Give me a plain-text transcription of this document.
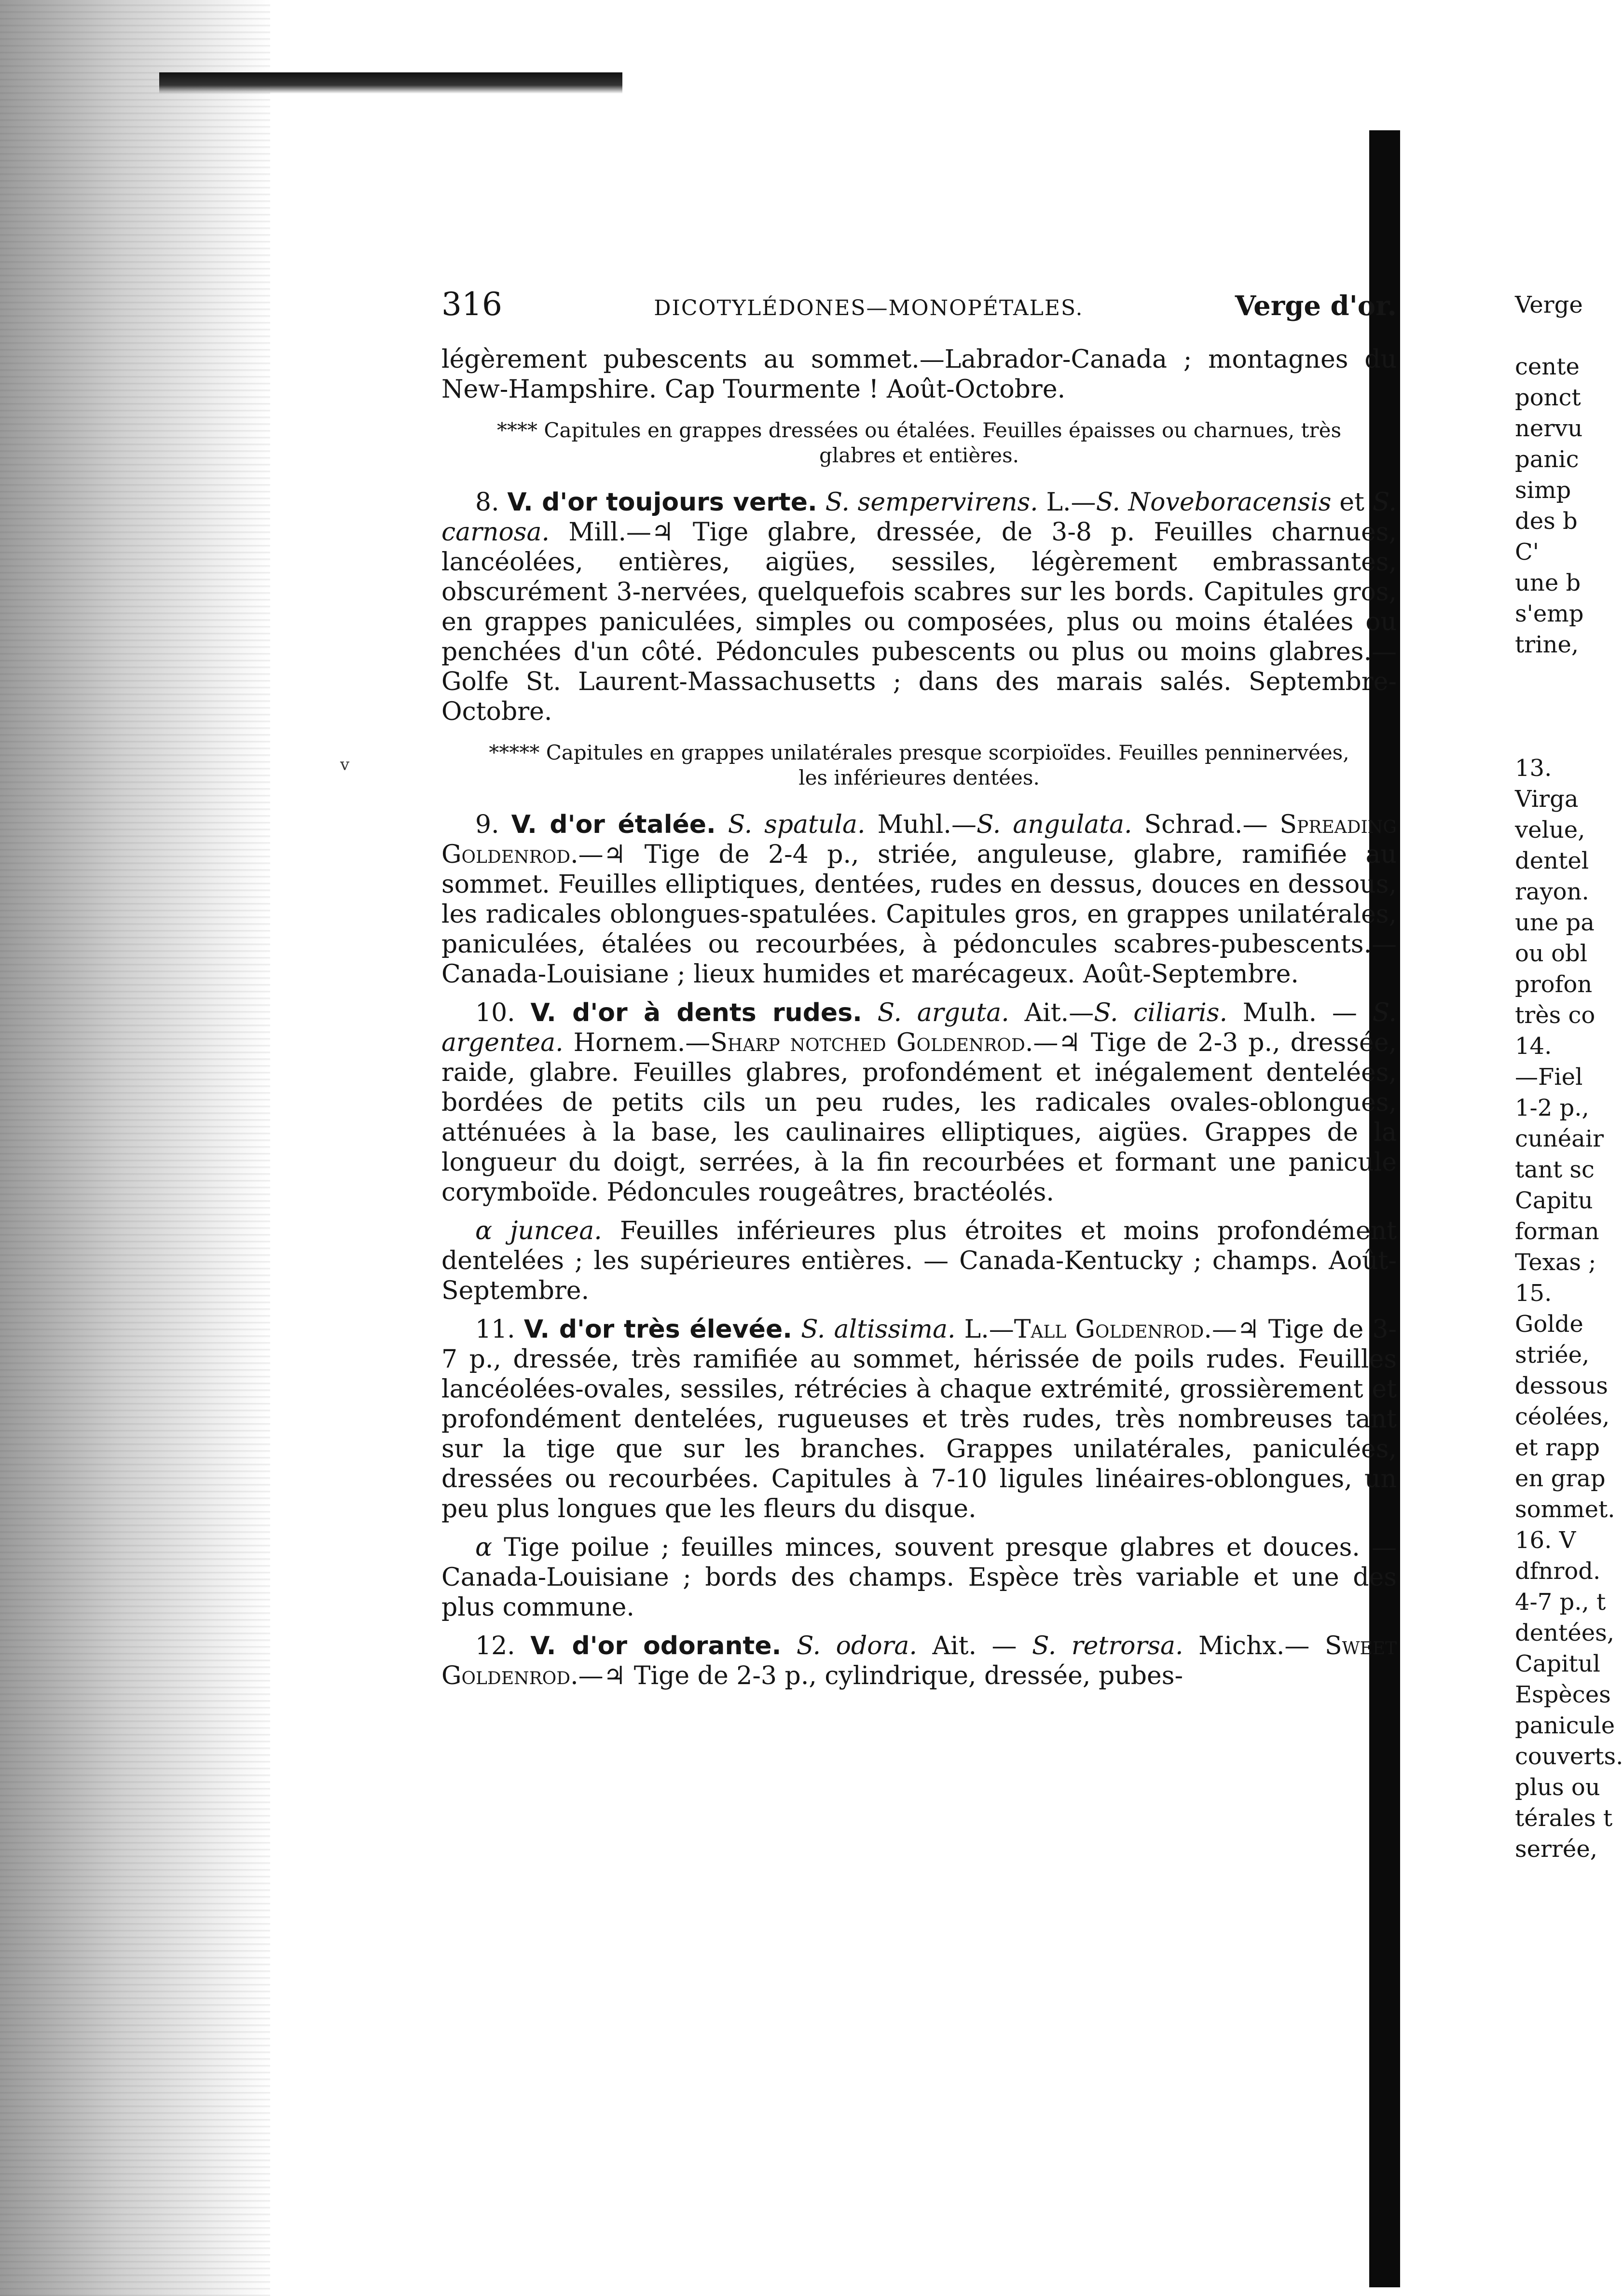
v
316	DICOTYLÉDONES—MONOPÉTALES.	Verge d'or.

légèrement pubescents au sommet.—Labrador-Canada ; montagnes du New-Hampshire. Cap Tourmente ! Août-Octobre.

**** Capitules en grappes dressées ou étalées. Feuilles épaisses ou charnues, très glabres et entières.

8. V. d'or toujours verte. S. sempervirens. L.—S. Noveboracensis et S. carnosa. Mill.—♃ Tige glabre, dressée, de 3-8 p. Feuilles charnues, lancéolées, entières, aigües, sessiles, légèrement embrassantes, obscurément 3-nervées, quelquefois scabres sur les bords. Capitules gros, en grappes paniculées, simples ou composées, plus ou moins étalées ou penchées d'un côté. Pédoncules pubescents ou plus ou moins glabres.—Golfe St. Laurent-Massachusetts ; dans des marais salés. Septembre-Octobre.

***** Capitules en grappes unilatérales presque scorpioïdes. Feuilles penninervées, les inférieures dentées.

9. V. d'or étalée. S. spatula. Muhl.—S. angulata. Schrad.— Spreading Goldenrod.—♃ Tige de 2-4 p., striée, anguleuse, glabre, ramifiée au sommet. Feuilles elliptiques, dentées, rudes en dessus, douces en dessous, les radicales oblongues-spatulées. Capitules gros, en grappes unilatérales, paniculées, étalées ou recourbées, à pédoncules scabres-pubescents.—Canada-Louisiane ; lieux humides et marécageux. Août-Septembre.

10. V. d'or à dents rudes. S. arguta. Ait.—S. ciliaris. Mulh. — S. argentea. Hornem.—Sharp notched Goldenrod.—♃ Tige de 2-3 p., dressée, raide, glabre. Feuilles glabres, profondément et inégalement dentelées, bordées de petits cils un peu rudes, les radicales ovales-oblongues, atténuées à la base, les caulinaires elliptiques, aigües. Grappes de la longueur du doigt, serrées, à la fin recourbées et formant une panicule corymboïde. Pédoncules rougeâtres, bractéolés.

α juncea. Feuilles inférieures plus étroites et moins profondément dentelées ; les supérieures entières. — Canada-Kentucky ; champs. Août-Septembre.

11. V. d'or très élevée. S. altissima. L.—Tall Goldenrod.—♃ Tige de 3-7 p., dressée, très ramifiée au sommet, hérissée de poils rudes. Feuilles lancéolées-ovales, sessiles, rétrécies à chaque extrémité, grossièrement et profondément dentelées, rugueuses et très rudes, très nombreuses tant sur la tige que sur les branches. Grappes unilatérales, paniculées, dressées ou recourbées. Capitules à 7-10 ligules linéaires-oblongues, un peu plus longues que les fleurs du disque.

α Tige poilue ; feuilles minces, souvent presque glabres et douces. —Canada-Louisiane ; bords des champs. Espèce très variable et une des plus commune.

12. V. d'or odorante. S. odora. Ait. — S. retrorsa. Michx.— Sweet Goldenrod.—♃ Tige de 2-3 p., cylindrique, dressée, pubes-

Verge
cente
ponct
nervu
panic
simp
des b
C'
une b
s'emp
trine,
13.
Virga
velue,
dentel
rayon.
une pa
ou obl
profon
très co
14.
—Fiel
1-2 p.,
cunéair
tant sc
Capitu
forman
Texas ;
15.
Golde
striée,
dessous
céolées,
et rapp
en grap
sommet.
16. V
dfnrod.
4-7 p., t
dentées,
Capitul
Espèces
panicule
couverts.
plus ou
térales t
serrée,
